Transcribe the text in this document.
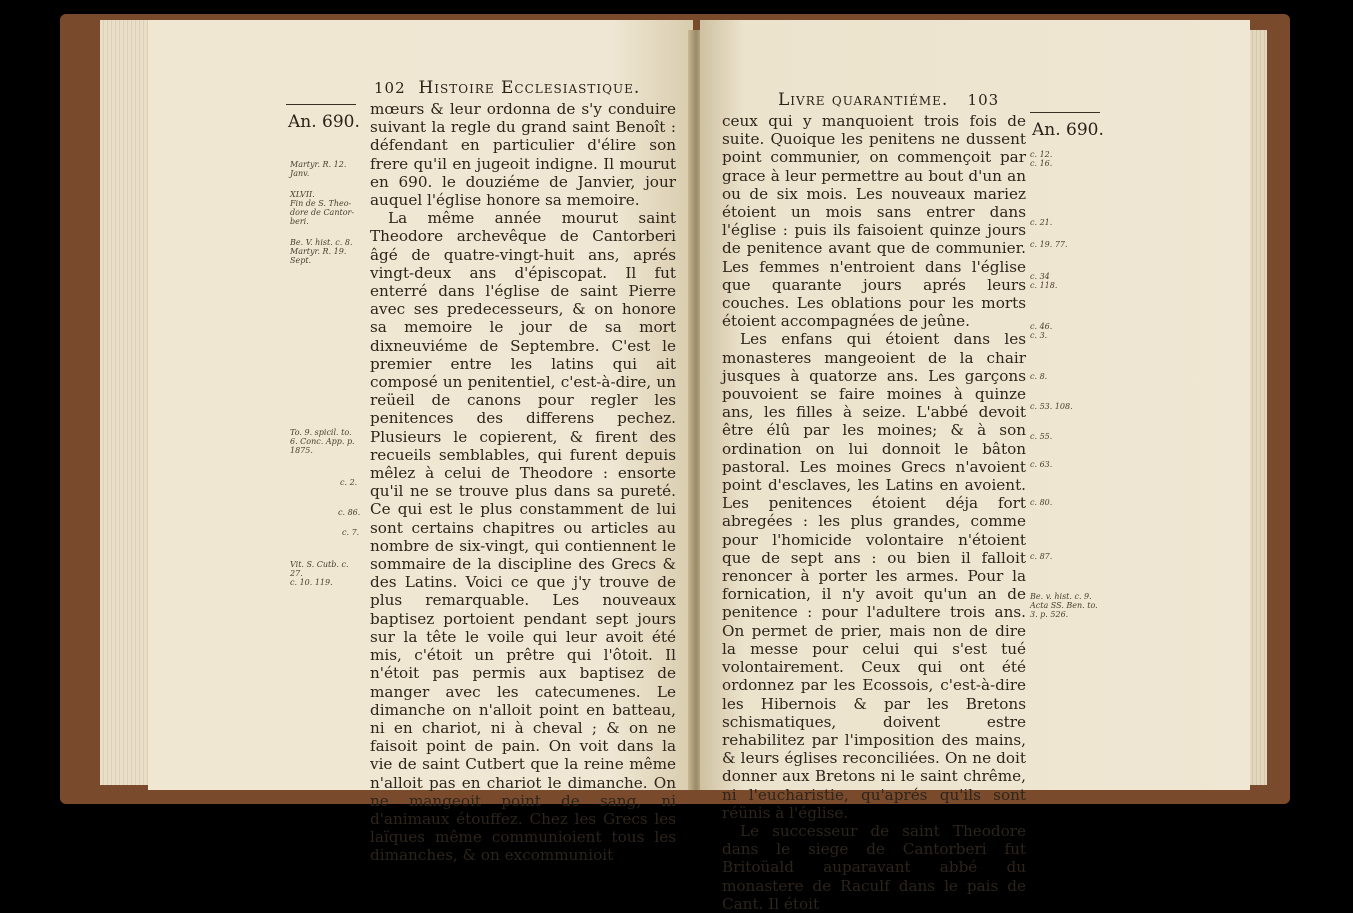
102 Histoire Ecclesiastique.
An. 690.
Martyr. R. 12.
Janv.
XLVII.
Fin de S. Theo-
dore de Cantor-
beri.
Be. V. hist. c. 8.
Martyr. R. 19.
Sept.
To. 9. spicil. to.
6. Conc. App. p.
1875.
c. 2.
c. 86.
c. 7.
Vit. S. Cutb. c.
27.
c. 10. 119.

mœurs & leur ordonna de s'y conduire suivant la regle du grand saint Benoît : défendant en particulier d'élire son frere qu'il en jugeoit indigne. Il mourut en 690. le douziéme de Janvier, jour auquel l'église honore sa memoire.

La même année mourut saint Theodore archevêque de Cantorberi âgé de quatre-vingt-huit ans, aprés vingt-deux ans d'épiscopat. Il fut enterré dans l'église de saint Pierre avec ses predecesseurs, & on honore sa memoire le jour de sa mort dixneuviéme de Septembre. C'est le premier entre les latins qui ait composé un penitentiel, c'est-à-dire, un reüeil de canons pour regler les penitences des differens pechez. Plusieurs le copierent, & firent des recueils semblables, qui furent depuis mêlez à celui de Theodore : ensorte qu'il ne se trouve plus dans sa pureté. Ce qui est le plus constamment de lui sont certains chapitres ou articles au nombre de six-vingt, qui contiennent le sommaire de la discipline des Grecs & des Latins. Voici ce que j'y trouve de plus remarquable. Les nouveaux baptisez portoient pendant sept jours sur la tête le voile qui leur avoit été mis, c'étoit un prêtre qui l'ôtoit. Il n'étoit pas permis aux baptisez de manger avec les catecumenes. Le dimanche on n'alloit point en batteau, ni en chariot, ni à cheval ; & on ne faisoit point de pain. On voit dans la vie de saint Cutbert que la reine même n'alloit pas en chariot le dimanche. On ne mangeoit point de sang, ni d'animaux étouffez. Chez les Grecs les laïques même communioient tous les dimanches, & on excommunioit

Livre quarantiéme. 103
An. 690.
c. 12.
c. 16.
c. 21.
c. 19. 77.
c. 34
c. 118.
c. 46.
c. 3.
c. 8.
c. 53. 108.
c. 55.
c. 63.
c. 80.
c. 87.
Be. v. hist. c. 9.
Acta SS. Ben. to.
3. p. 526.

ceux qui y manquoient trois fois de suite. Quoique les penitens ne dussent point communier, on commençoit par grace à leur permettre au bout d'un an ou de six mois. Les nouveaux mariez étoient un mois sans entrer dans l'église : puis ils faisoient quinze jours de penitence avant que de communier. Les femmes n'entroient dans l'église que quarante jours aprés leurs couches. Les oblations pour les morts étoient accompagnées de jeûne.

Les enfans qui étoient dans les monasteres mangeoient de la chair jusques à quatorze ans. Les garçons pouvoient se faire moines à quinze ans, les filles à seize. L'abbé devoit être élû par les moines; & à son ordination on lui donnoit le bâton pastoral. Les moines Grecs n'avoient point d'esclaves, les Latins en avoient. Les penitences étoient déja fort abregées : les plus grandes, comme pour l'homicide volontaire n'étoient que de sept ans : ou bien il falloit renoncer à porter les armes. Pour la fornication, il n'y avoit qu'un an de penitence : pour l'adultere trois ans. On permet de prier, mais non de dire la messe pour celui qui s'est tué volontairement. Ceux qui ont été ordonnez par les Ecossois, c'est-à-dire les Hibernois & par les Bretons schismatiques, doivent estre rehabilitez par l'imposition des mains, & leurs églises reconciliées. On ne doit donner aux Bretons ni le saint chrême, ni l'eucharistie, qu'aprés qu'ils sont réünis à l'église.

Le successeur de saint Theodore dans le siege de Cantorberi fut Britoüald auparavant abbé du monastere de Raculf dans le pais de Cant. Il étoit
